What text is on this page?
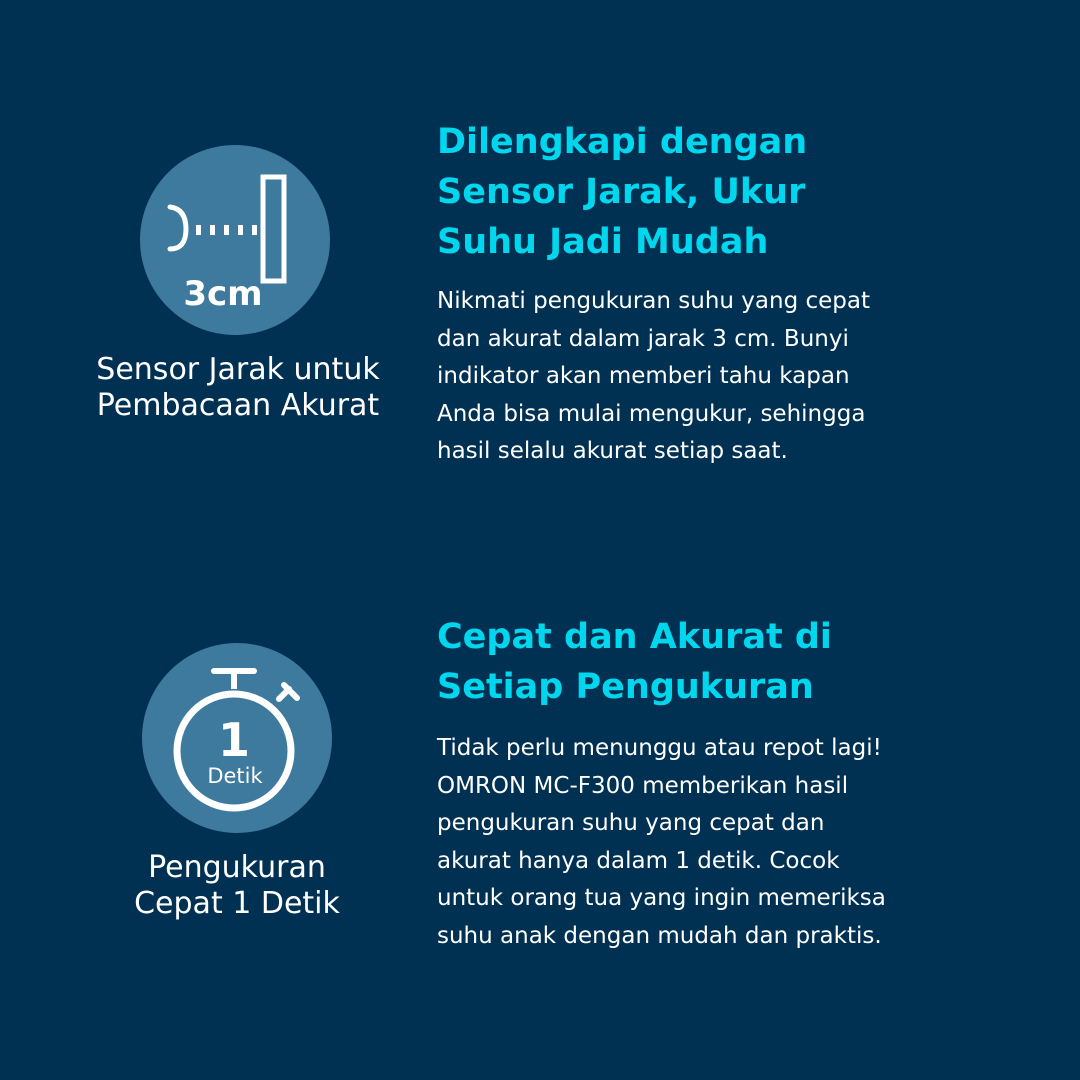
3cm
Sensor Jarak untuk
Pembacaan Akurat
Dilengkapi dengan
Sensor Jarak, Ukur
Suhu Jadi Mudah

Nikmati pengukuran suhu yang cepat
dan akurat dalam jarak 3 cm. Bunyi
indikator akan memberi tahu kapan
Anda bisa mulai mengukur, sehingga
hasil selalu akurat setiap saat.

1
Detik
Pengukuran
Cepat 1 Detik
Cepat dan Akurat di
Setiap Pengukuran

Tidak perlu menunggu atau repot lagi!
OMRON MC-F300 memberikan hasil
pengukuran suhu yang cepat dan
akurat hanya dalam 1 detik. Cocok
untuk orang tua yang ingin memeriksa
suhu anak dengan mudah dan praktis.
